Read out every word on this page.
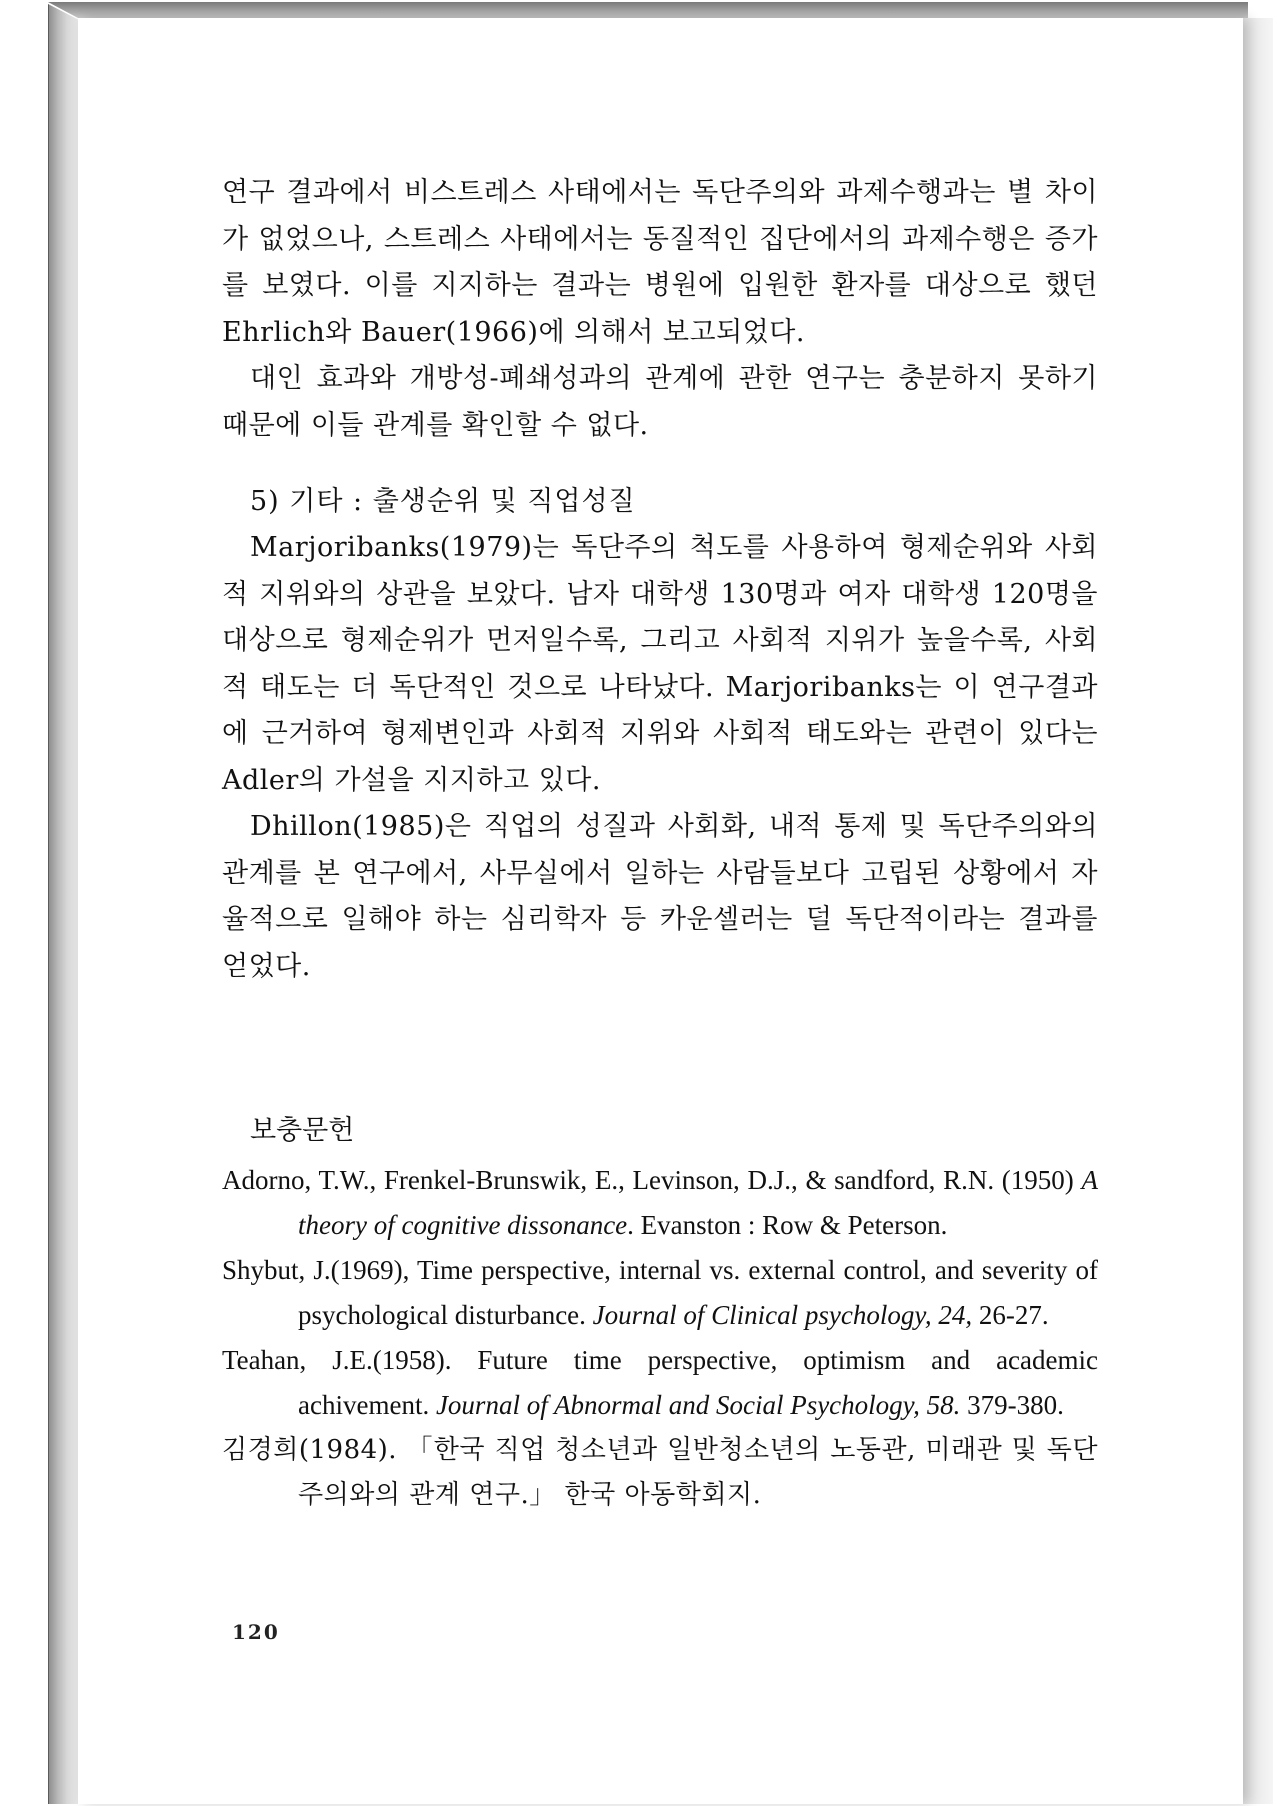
연구 결과에서 비스트레스 사태에서는 독단주의와 과제수행과는 별 차이가 없었으나, 스트레스 사태에서는 동질적인 집단에서의 과제수행은 증가를 보였다. 이를 지지하는 결과는 병원에 입원한 환자를 대상으로 했던 Ehrlich와 Bauer(1966)에 의해서 보고되었다.

대인 효과와 개방성-폐쇄성과의 관계에 관한 연구는 충분하지 못하기 때문에 이들 관계를 확인할 수 없다.

5) 기타 : 출생순위 및 직업성질

Marjoribanks(1979)는 독단주의 척도를 사용하여 형제순위와 사회적 지위와의 상관을 보았다. 남자 대학생 130명과 여자 대학생 120명을 대상으로 형제순위가 먼저일수록, 그리고 사회적 지위가 높을수록, 사회적 태도는 더 독단적인 것으로 나타났다. Marjoribanks는 이 연구결과에 근거하여 형제변인과 사회적 지위와 사회적 태도와는 관련이 있다는 Adler의 가설을 지지하고 있다.

Dhillon(1985)은 직업의 성질과 사회화, 내적 통제 및 독단주의와의 관계를 본 연구에서, 사무실에서 일하는 사람들보다 고립된 상황에서 자율적으로 일해야 하는 심리학자 등 카운셀러는 덜 독단적이라는 결과를 얻었다.

보충문헌

Adorno, T.W., Frenkel-Brunswik, E., Levinson, D.J., & sandford, R.N. (1950) A theory of cognitive dissonance. Evanston : Row & Peterson.

Shybut, J.(1969), Time perspective, internal vs. external control, and severity of psychological disturbance. Journal of Clinical psychology, 24, 26-27.

Teahan, J.E.(1958). Future time perspective, optimism and academic achivement. Journal of Abnormal and Social Psychology, 58. 379-380.

김경희(1984). 「한국 직업 청소년과 일반청소년의 노동관, 미래관 및 독단주의와의 관계 연구.」 한국 아동학회지.

120
